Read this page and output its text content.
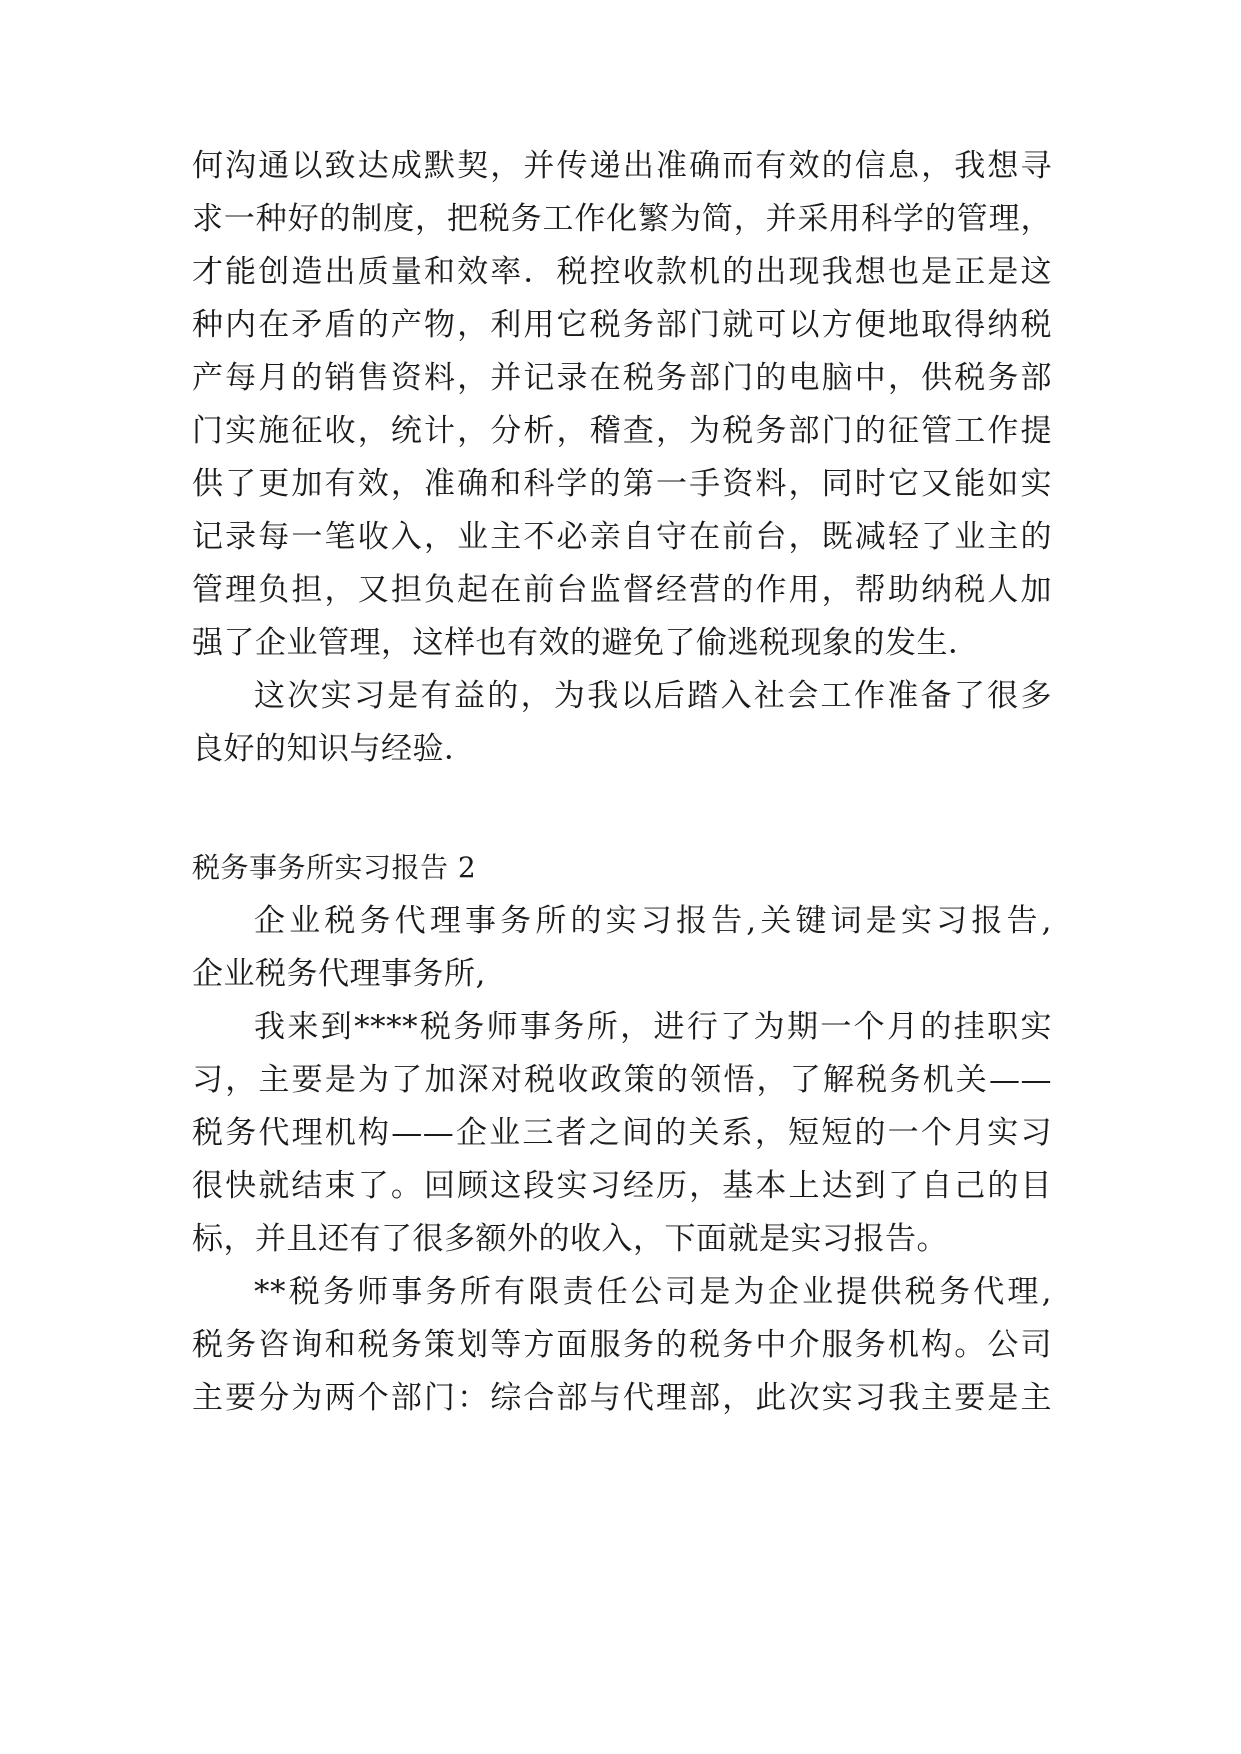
何沟通以致达成默契，并传递出准确而有效的信息，我想寻
求一种好的制度，把税务工作化繁为简，并采用科学的管理，
才能创造出质量和效率．税控收款机的出现我想也是正是这
种内在矛盾的产物，利用它税务部门就可以方便地取得纳税
产每月的销售资料，并记录在税务部门的电脑中，供税务部
门实施征收，统计，分析，稽查，为税务部门的征管工作提
供了更加有效，准确和科学的第一手资料，同时它又能如实
记录每一笔收入，业主不必亲自守在前台，既减轻了业主的
管理负担，又担负起在前台监督经营的作用，帮助纳税人加
强了企业管理，这样也有效的避免了偷逃税现象的发生．
这次实习是有益的，为我以后踏入社会工作准备了很多
良好的知识与经验．
税务事务所实习报告 2
企业税务代理事务所的实习报告,关键词是实习报告,
企业税务代理事务所,
我来到****税务师事务所，进行了为期一个月的挂职实
习，主要是为了加深对税收政策的领悟，了解税务机关——
税务代理机构——企业三者之间的关系，短短的一个月实习
很快就结束了。回顾这段实习经历，基本上达到了自己的目
标，并且还有了很多额外的收入，下面就是实习报告。
**税务师事务所有限责任公司是为企业提供税务代理,
税务咨询和税务策划等方面服务的税务中介服务机构。公司
主要分为两个部门：综合部与代理部，此次实习我主要是主
